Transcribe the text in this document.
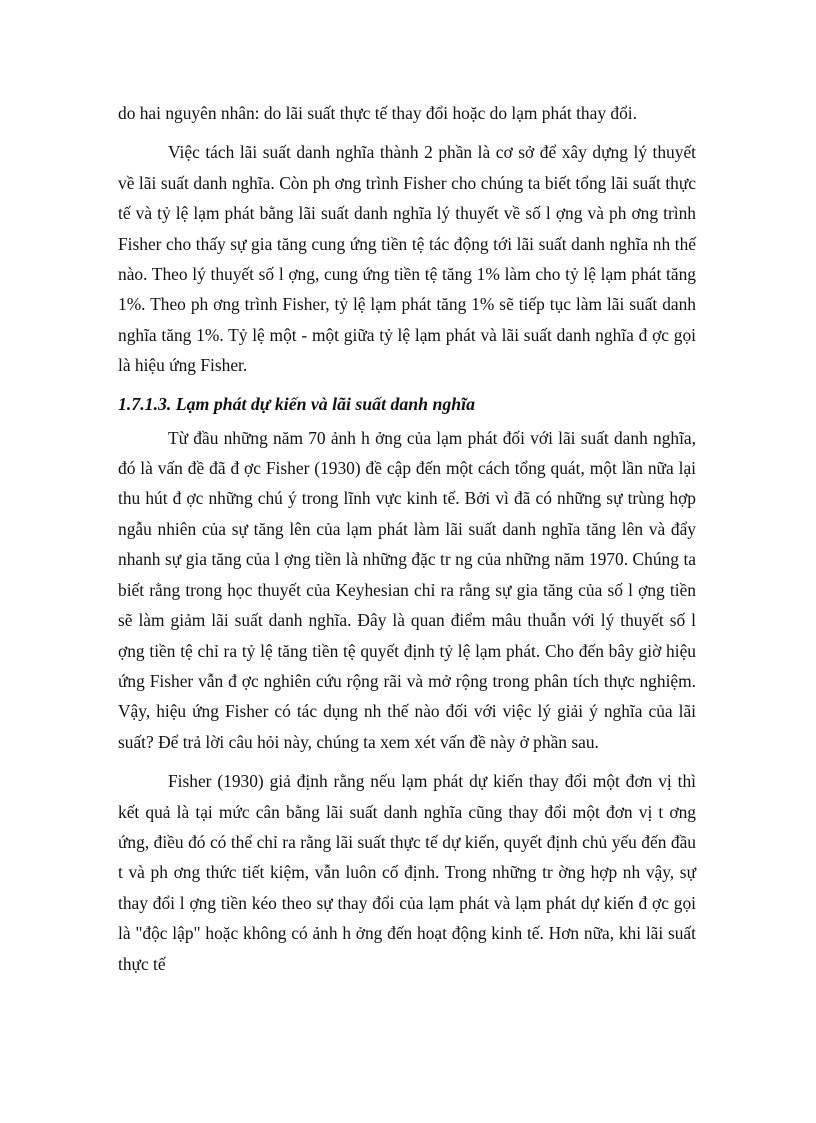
do hai nguyên nhân: do lãi suất thực tế thay đổi hoặc do lạm phát thay đổi.

Việc tách lãi suất danh nghĩa thành 2 phần là cơ sở để xây dựng lý thuyết về lãi suất danh nghĩa. Còn ph ơng trình Fisher cho chúng ta biết tổng lãi suất thực tế và tỷ lệ lạm phát bằng lãi suất danh nghĩa lý thuyết về số l ợng và ph ơng trình Fisher cho thấy sự gia tăng cung ứng tiền tệ tác động tới lãi suất danh nghĩa nh thế nào. Theo lý thuyết số l ợng, cung ứng tiền tệ tăng 1% làm cho tỷ lệ lạm phát tăng 1%. Theo ph ơng trình Fisher, tỷ lệ lạm phát tăng 1% sẽ tiếp tục làm lãi suất danh nghĩa tăng 1%. Tỷ lệ một - một giữa tỷ lệ lạm phát và lãi suất danh nghĩa đ ợc gọi là hiệu ứng Fisher.

1.7.1.3. Lạm phát dự kiến và lãi suất danh nghĩa

Từ đầu những năm 70 ảnh h ởng của lạm phát đối với lãi suất danh nghĩa, đó là vấn đề đã đ ợc Fisher (1930) đề cập đến một cách tổng quát, một lần nữa lại thu hút đ ợc những chú ý trong lĩnh vực kinh tế. Bởi vì đã có những sự trùng hợp ngẫu nhiên của sự tăng lên của lạm phát làm lãi suất danh nghĩa tăng lên và đẩy nhanh sự gia tăng của l ợng tiền là những đặc tr ng của những năm 1970. Chúng ta biết rằng trong học thuyết của Keyhesian chỉ ra rằng sự gia tăng của số l ợng tiền sẽ làm giảm lãi suất danh nghĩa. Đây là quan điểm mâu thuẫn với lý thuyết số l ợng tiền tệ chỉ ra tỷ lệ tăng tiền tệ quyết định tỷ lệ lạm phát. Cho đến bây giờ hiệu ứng Fisher vẫn đ ợc nghiên cứu rộng rãi và mở rộng trong phân tích thực nghiệm. Vậy, hiệu ứng Fisher có tác dụng nh thế nào đối với việc lý giải ý nghĩa của lãi suất? Để trả lời câu hỏi này, chúng ta xem xét vấn đề này ở phần sau.

Fisher (1930) giả định rằng nếu lạm phát dự kiến thay đổi một đơn vị thì kết quả là tại mức cân bằng lãi suất danh nghĩa cũng thay đổi một đơn vị t ơng ứng, điều đó có thể chỉ ra rằng lãi suất thực tế dự kiến, quyết định chủ yếu đến đầu t và ph ơng thức tiết kiệm, vẫn luôn cố định. Trong những tr ờng hợp nh vậy, sự thay đổi l ợng tiền kéo theo sự thay đổi của lạm phát và lạm phát dự kiến đ ợc gọi là "độc lập" hoặc không có ảnh h ởng đến hoạt động kinh tế. Hơn nữa, khi lãi suất thực tế
